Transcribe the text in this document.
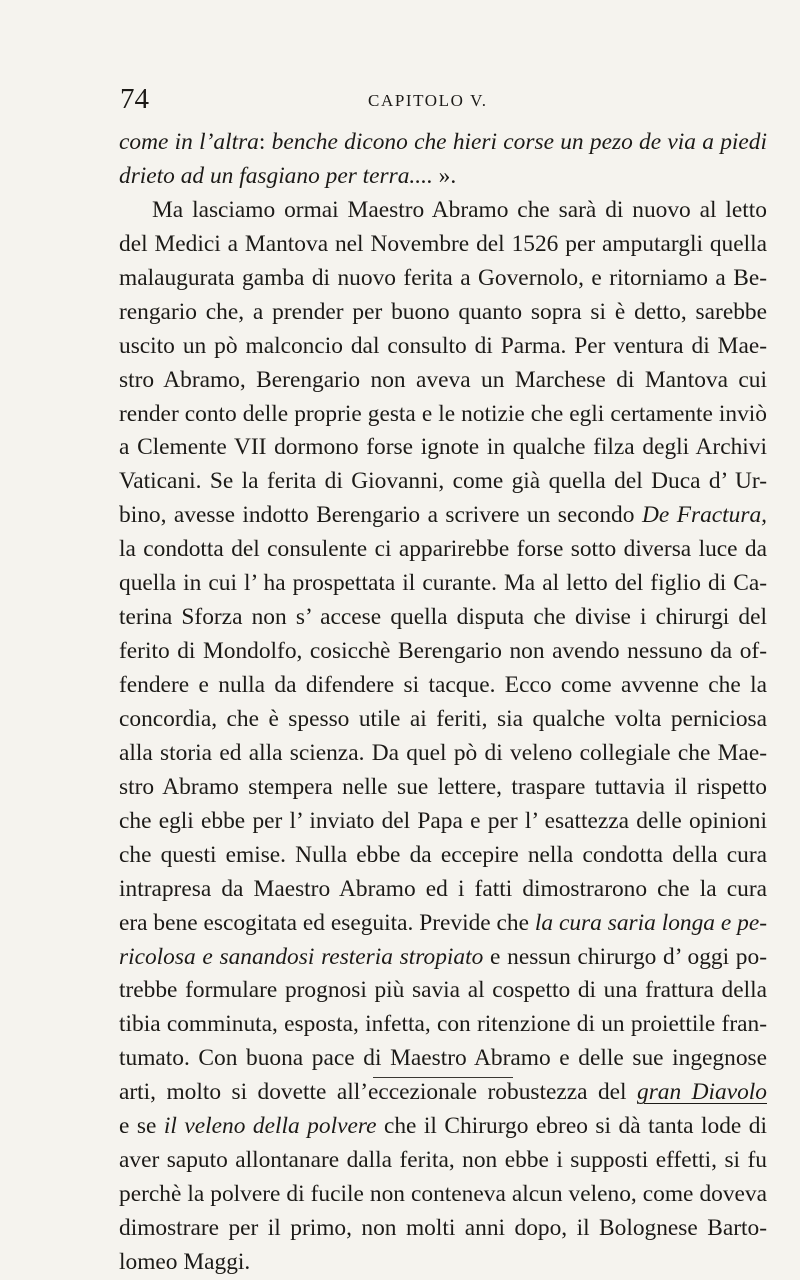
74	CAPITOLO V.
come in l’altra: benche dicono che hieri corse un pezo de via a piedi
drieto ad un fasgiano per terra.... ».
Ma lasciamo ormai Maestro Abramo che sarà di nuovo al letto
del Medici a Mantova nel Novembre del 1526 per amputargli quella
malaugurata gamba di nuovo ferita a Governolo, e ritorniamo a Be-
rengario che, a prender per buono quanto sopra si è detto, sarebbe
uscito un pò malconcio dal consulto di Parma. Per ventura di Mae-
stro Abramo, Berengario non aveva un Marchese di Mantova cui
render conto delle proprie gesta e le notizie che egli certamente inviò
a Clemente VII dormono forse ignote in qualche filza degli Archivi
Vaticani. Se la ferita di Giovanni, come già quella del Duca d’ Ur-
bino, avesse indotto Berengario a scrivere un secondo De Fractura,
la condotta del consulente ci apparirebbe forse sotto diversa luce da
quella in cui l’ ha prospettata il curante. Ma al letto del figlio di Ca-
terina Sforza non s’ accese quella disputa che divise i chirurgi del
ferito di Mondolfo, cosicchè Berengario non avendo nessuno da of-
fendere e nulla da difendere si tacque. Ecco come avvenne che la
concordia, che è spesso utile ai feriti, sia qualche volta perniciosa
alla storia ed alla scienza. Da quel pò di veleno collegiale che Mae-
stro Abramo stempera nelle sue lettere, traspare tuttavia il rispetto
che egli ebbe per l’ inviato del Papa e per l’ esattezza delle opinioni
che questi emise. Nulla ebbe da eccepire nella condotta della cura
intrapresa da Maestro Abramo ed i fatti dimostrarono che la cura
era bene escogitata ed eseguita. Previde che la cura saria longa e pe-
ricolosa e sanandosi resteria stropiato e nessun chirurgo d’ oggi po-
trebbe formulare prognosi più savia al cospetto di una frattura della
tibia comminuta, esposta, infetta, con ritenzione di un proiettile fran-
tumato. Con buona pace di Maestro Abramo e delle sue ingegnose
arti, molto si dovette all’eccezionale robustezza del gran Diavolo
e se il veleno della polvere che il Chirurgo ebreo si dà tanta lode di
aver saputo allontanare dalla ferita, non ebbe i supposti effetti, si fu
perchè la polvere di fucile non conteneva alcun veleno, come doveva
dimostrare per il primo, non molti anni dopo, il Bolognese Barto-
lomeo Maggi.
